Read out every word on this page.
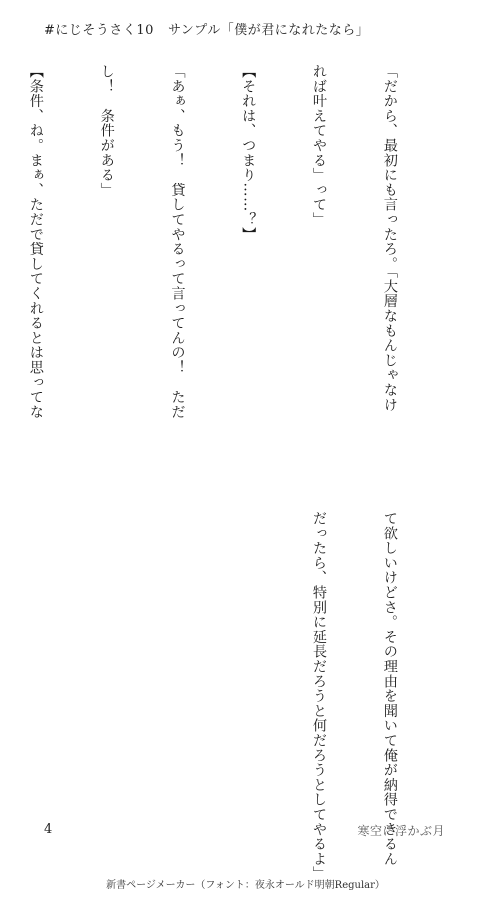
#にじそうさく10 サンプル「僕が君になれたなら」

「だから、最初にも言ったろ。「大層なもんじゃなけ

れば叶えてやる」って」

【それは、つまり……？】

「あぁ、もう！　貸してやるって言ってんの！　ただ

し！　条件がある」

【条件、ね。まぁ、ただで貸してくれるとは思ってな

て欲しいけどさ。その理由を聞いて俺が納得できるん

だったら、特別に延長だろうと何だろうとしてやるよ」

4	寒空に浮かぶ月
新書ページメーカー（フォント：夜永オールド明朝Regular）
